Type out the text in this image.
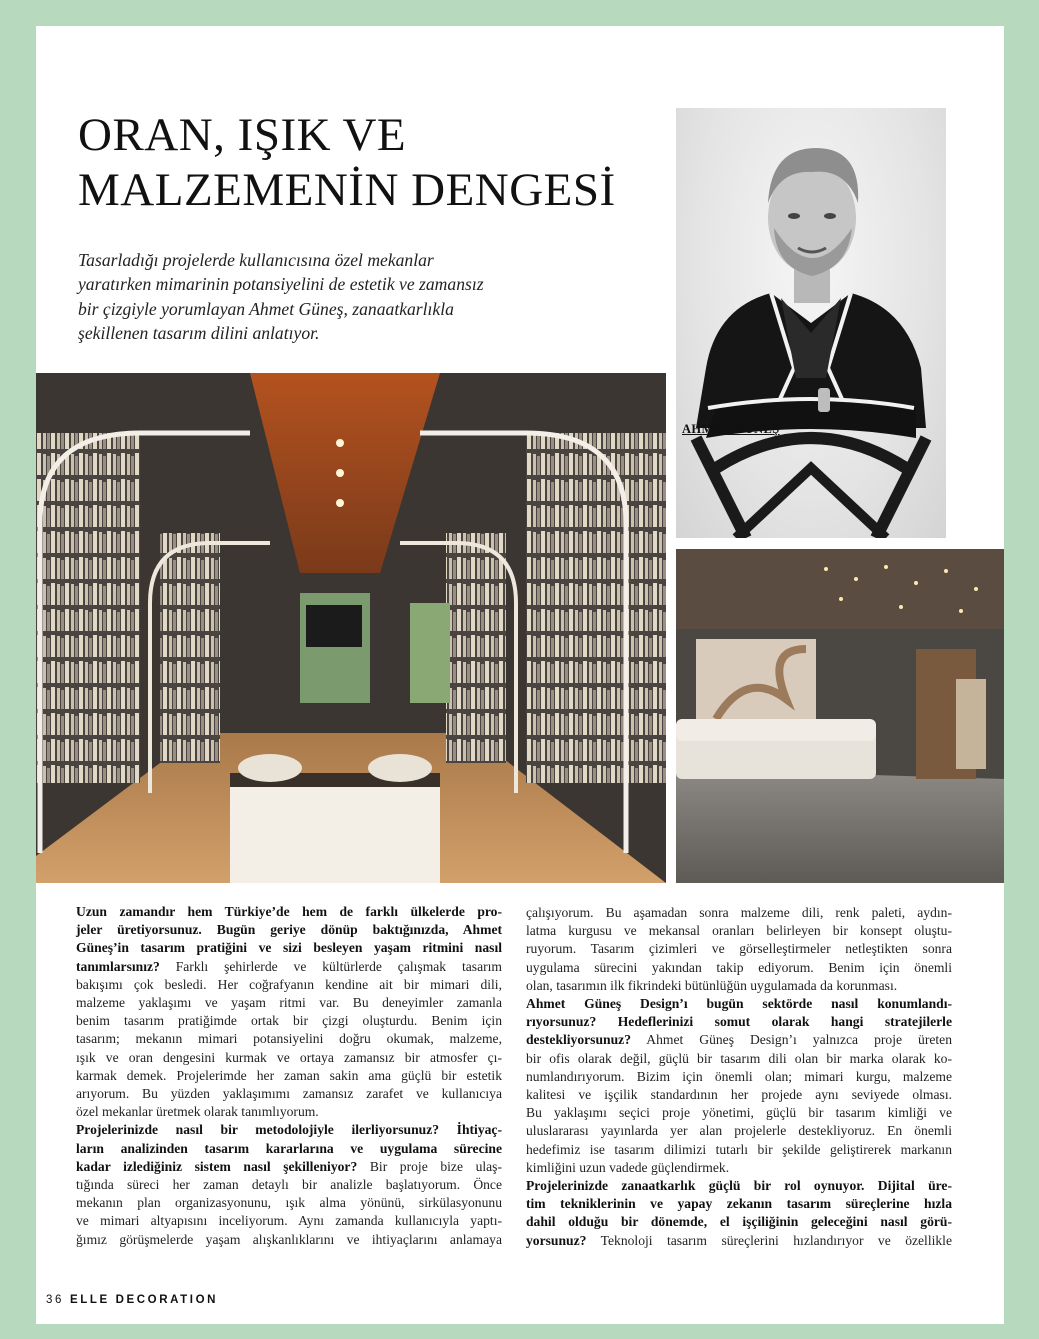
ORAN, IŞIK VE
MALZEMENİN DENGESİ

Tasarladığı projelerde kullanıcısına özel mekanlar
yaratırken mimarinin potansiyelini de estetik ve zamansız
bir çizgiyle yorumlayan Ahmet Güneş, zanaatkarlıkla
şekillenen tasarım dilini anlatıyor.

AHMET GÜNEŞ
Uzun zamandır hem Türkiye’de hem de farklı ülkelerde pro-
jeler üretiyorsunuz. Bugün geriye dönüp baktığınızda, Ahmet
Güneş’in tasarım pratiğini ve sizi besleyen yaşam ritmini nasıl
tanımlarsınız? Farklı şehirlerde ve kültürlerde çalışmak tasarım
bakışımı çok besledi. Her coğrafyanın kendine ait bir mimari dili,
malzeme yaklaşımı ve yaşam ritmi var. Bu deneyimler zamanla
benim tasarım pratiğimde ortak bir çizgi oluşturdu. Benim için
tasarım; mekanın mimari potansiyelini doğru okumak, malzeme,
ışık ve oran dengesini kurmak ve ortaya zamansız bir atmosfer çı-
karmak demek. Projelerimde her zaman sakin ama güçlü bir estetik
arıyorum. Bu yüzden yaklaşımımı zamansız zarafet ve kullanıcıya
özel mekanlar üretmek olarak tanımlıyorum.
Projelerinizde nasıl bir metodolojiyle ilerliyorsunuz? İhtiyaç-
ların analizinden tasarım kararlarına ve uygulama sürecine
kadar izlediğiniz sistem nasıl şekilleniyor? Bir proje bize ulaş-
tığında süreci her zaman detaylı bir analizle başlatıyorum. Önce
mekanın plan organizasyonunu, ışık alma yönünü, sirkülasyonunu
ve mimari altyapısını inceliyorum. Aynı zamanda kullanıcıyla yaptı-
ğımız görüşmelerde yaşam alışkanlıklarını ve ihtiyaçlarını anlamaya
çalışıyorum. Bu aşamadan sonra malzeme dili, renk paleti, aydın-
latma kurgusu ve mekansal oranları belirleyen bir konsept oluştu-
ruyorum. Tasarım çizimleri ve görselleştirmeler netleştikten sonra
uygulama sürecini yakından takip ediyorum. Benim için önemli
olan, tasarımın ilk fikrindeki bütünlüğün uygulamada da korunması.
Ahmet Güneş Design’ı bugün sektörde nasıl konumlandı-
rıyorsunuz? Hedeflerinizi somut olarak hangi stratejilerle
destekliyorsunuz? Ahmet Güneş Design’ı yalnızca proje üreten
bir ofis olarak değil, güçlü bir tasarım dili olan bir marka olarak ko-
numlandırıyorum. Bizim için önemli olan; mimari kurgu, malzeme
kalitesi ve işçilik standardının her projede aynı seviyede olması.
Bu yaklaşımı seçici proje yönetimi, güçlü bir tasarım kimliği ve
uluslararası yayınlarda yer alan projelerle destekliyoruz. En önemli
hedefimiz ise tasarım dilimizi tutarlı bir şekilde geliştirerek markanın
kimliğini uzun vadede güçlendirmek.
Projelerinizde zanaatkarlık güçlü bir rol oynuyor. Dijital üre-
tim tekniklerinin ve yapay zekanın tasarım süreçlerine hızla
dahil olduğu bir dönemde, el işçiliğinin geleceğini nasıl görü-
yorsunuz? Teknoloji tasarım süreçlerini hızlandırıyor ve özellikle
36 ELLE DECORATION
